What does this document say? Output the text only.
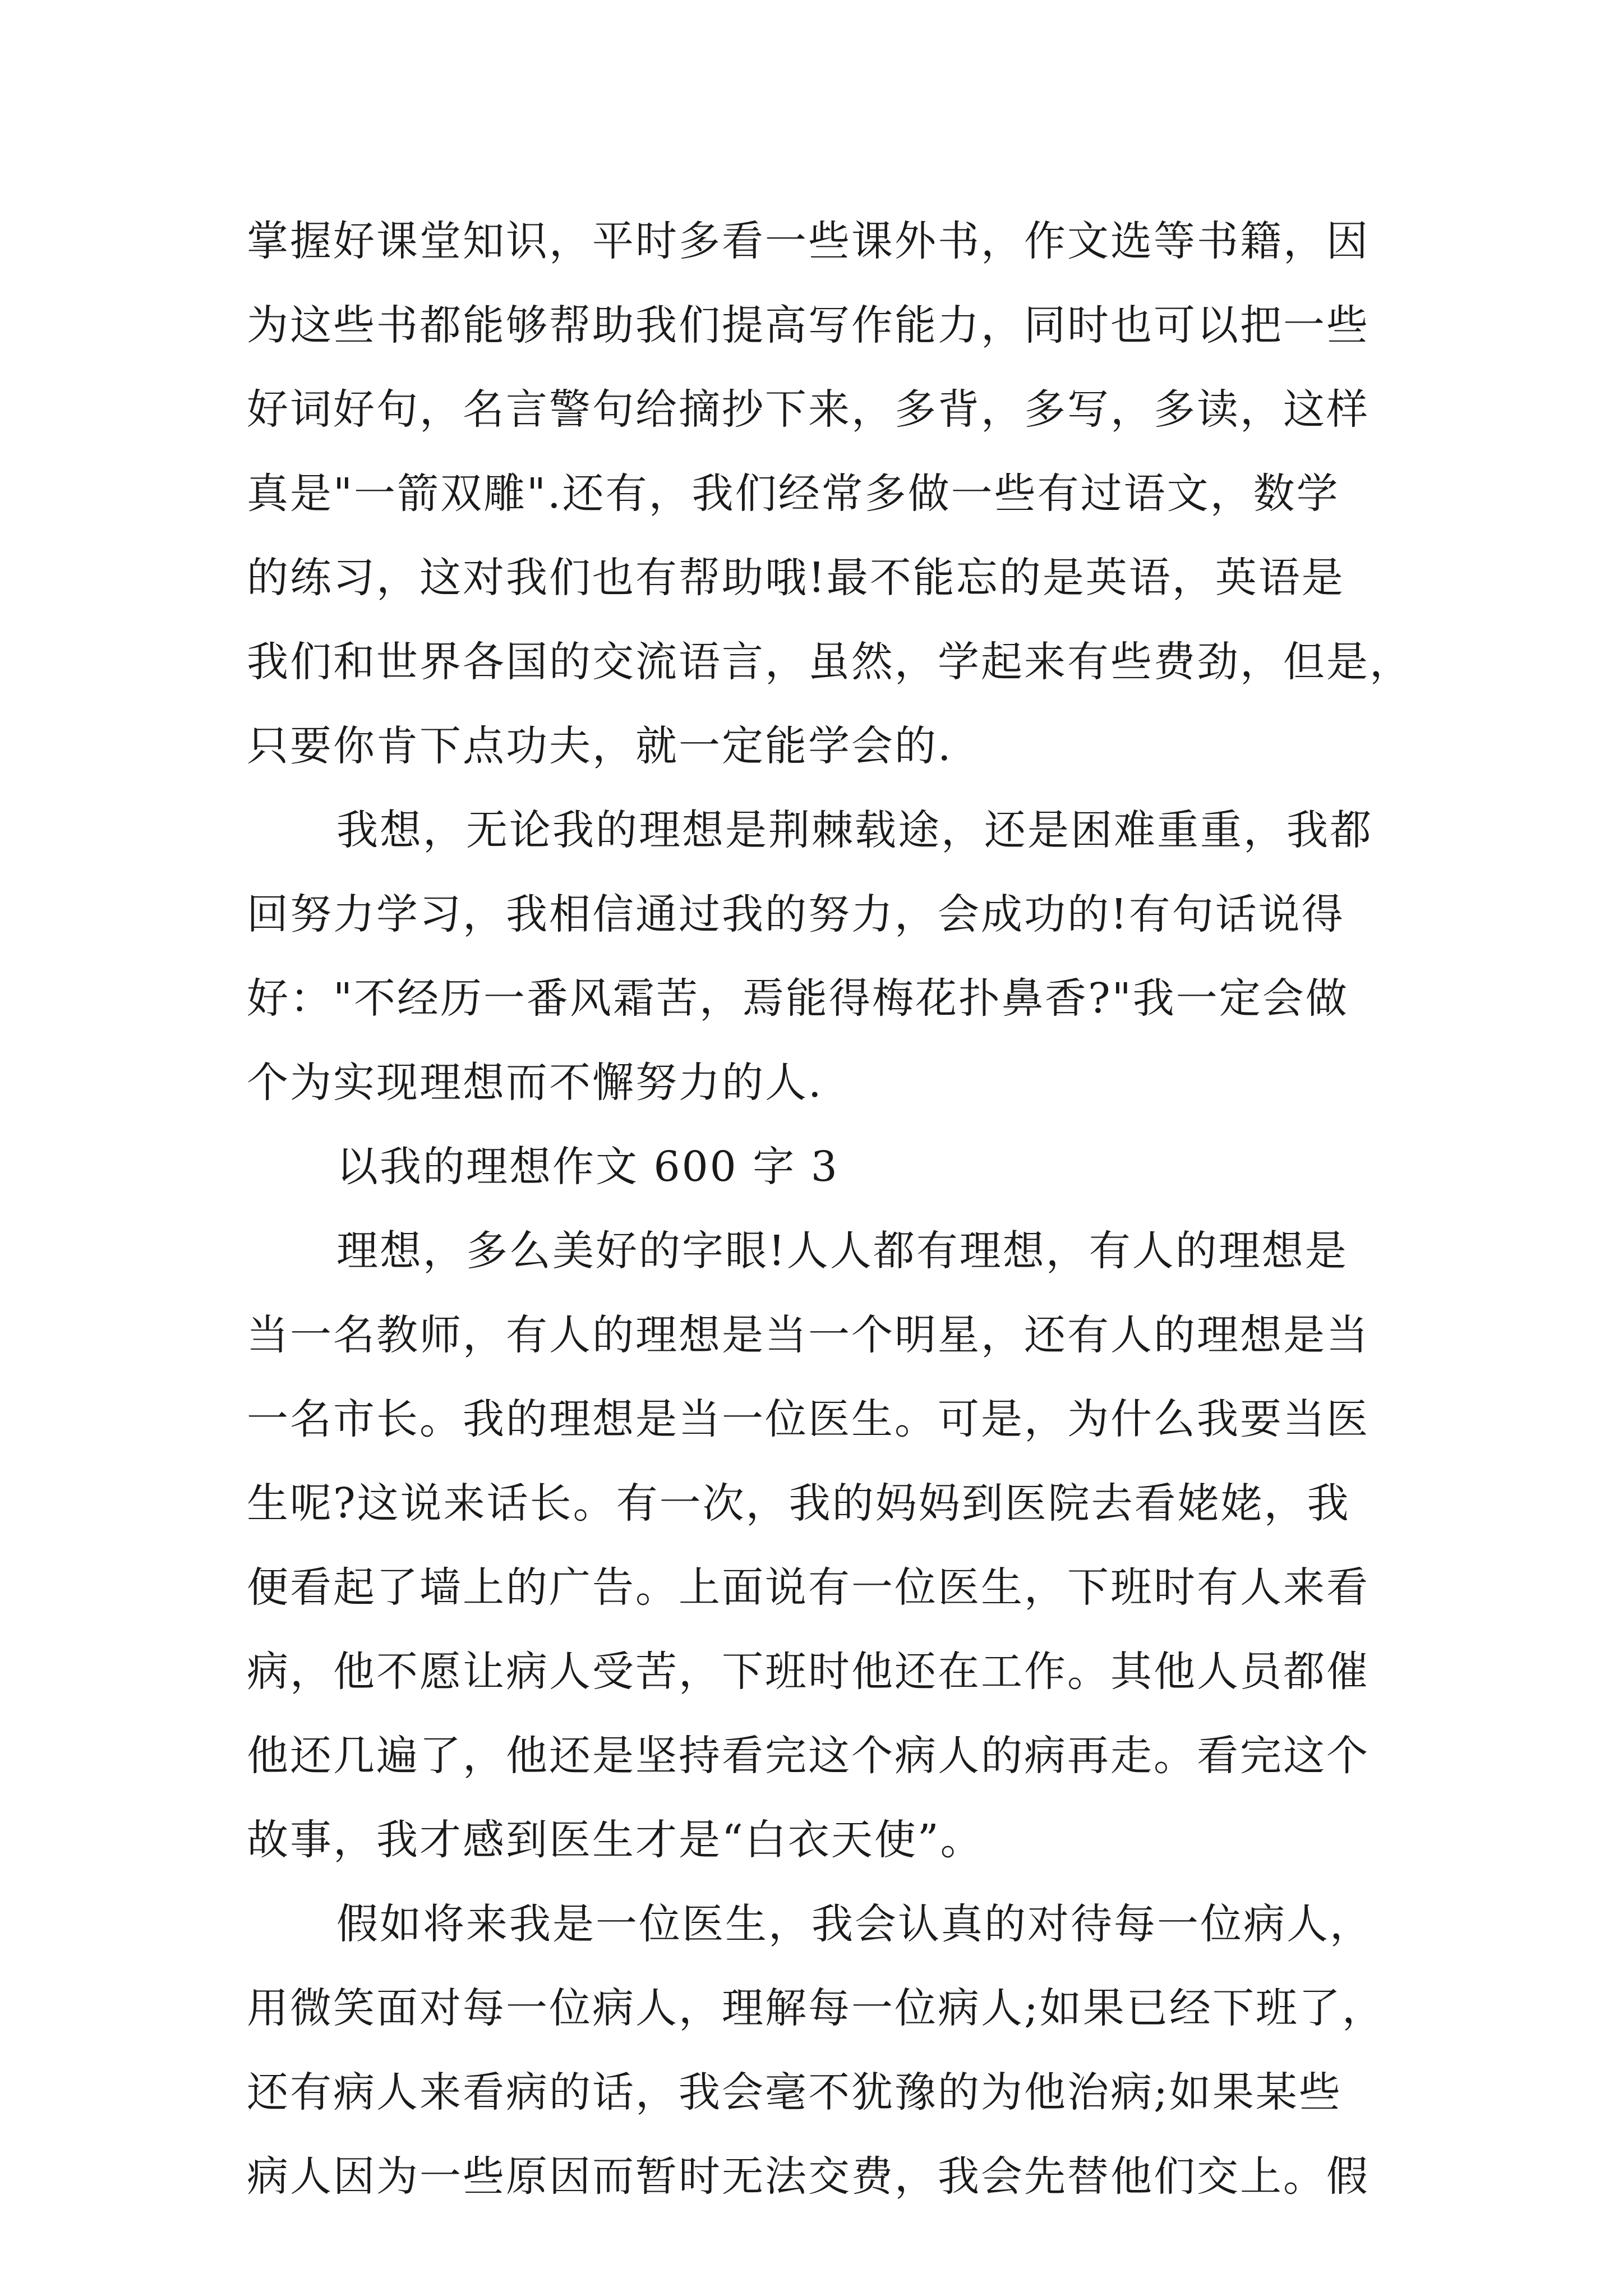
掌握好课堂知识，平时多看一些课外书，作文选等书籍，因
为这些书都能够帮助我们提高写作能力，同时也可以把一些
好词好句，名言警句给摘抄下来，多背，多写，多读，这样
真是"一箭双雕".还有，我们经常多做一些有过语文，数学
的练习，这对我们也有帮助哦!最不能忘的是英语，英语是
我们和世界各国的交流语言，虽然，学起来有些费劲，但是，
只要你肯下点功夫，就一定能学会的.

我想，无论我的理想是荆棘载途，还是困难重重，我都
回努力学习，我相信通过我的努力，会成功的!有句话说得
好："不经历一番风霜苦，焉能得梅花扑鼻香?"我一定会做
个为实现理想而不懈努力的人.

以我的理想作文 600 字 3

理想，多么美好的字眼!人人都有理想，有人的理想是
当一名教师，有人的理想是当一个明星，还有人的理想是当
一名市长。我的理想是当一位医生。可是，为什么我要当医
生呢?这说来话长。有一次，我的妈妈到医院去看姥姥，我
便看起了墙上的广告。上面说有一位医生，下班时有人来看
病，他不愿让病人受苦，下班时他还在工作。其他人员都催
他还几遍了，他还是坚持看完这个病人的病再走。看完这个
故事，我才感到医生才是“白衣天使”。

假如将来我是一位医生，我会认真的对待每一位病人，
用微笑面对每一位病人，理解每一位病人;如果已经下班了，
还有病人来看病的话，我会毫不犹豫的为他治病;如果某些
病人因为一些原因而暂时无法交费，我会先替他们交上。假
